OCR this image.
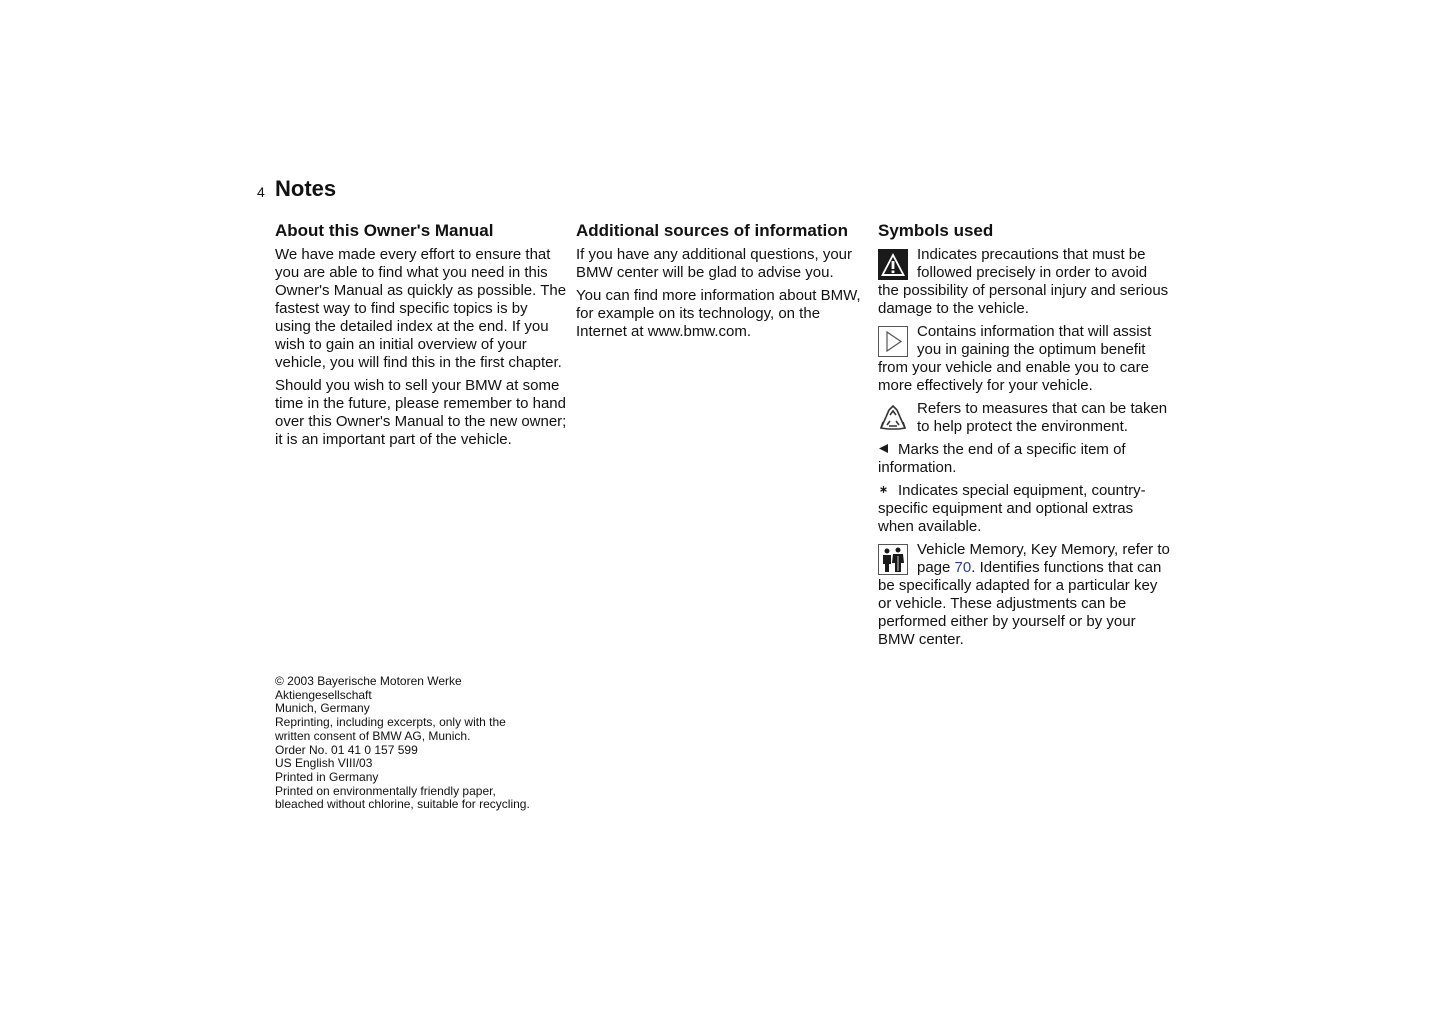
4 Notes
About this Owner's Manual

We have made every effort to ensure that you are able to find what you need in this Owner's Manual as quickly as possible. The fastest way to find specific topics is by using the detailed index at the end. If you wish to gain an initial overview of your vehicle, you will find this in the first chapter.

Should you wish to sell your BMW at some time in the future, please remember to hand over this Owner's Manual to the new owner; it is an important part of the vehicle.

Additional sources of information

If you have any additional questions, your BMW center will be glad to advise you.

You can find more information about BMW, for example on its technology, on the Internet at www.bmw.com.

Symbols used

Indicates precautions that must be followed precisely in order to avoid the possibility of personal injury and serious damage to the vehicle.

Contains information that will assist you in gaining the optimum benefit from your vehicle and enable you to care more effectively for your vehicle.

Refers to measures that can be taken to help protect the environment.

Marks the end of a specific item of information.

Indicates special equipment, country-specific equipment and optional extras when available.

Vehicle Memory, Key Memory, refer to page 70. Identifies functions that can be specifically adapted for a particular key or vehicle. These adjustments can be performed either by yourself or by your BMW center.

© 2003 Bayerische Motoren Werke
Aktiengesellschaft
Munich, Germany
Reprinting, including excerpts, only with the
written consent of BMW AG, Munich.
Order No. 01 41 0 157 599
US English VIII/03
Printed in Germany
Printed on environmentally friendly paper,
bleached without chlorine, suitable for recycling.
